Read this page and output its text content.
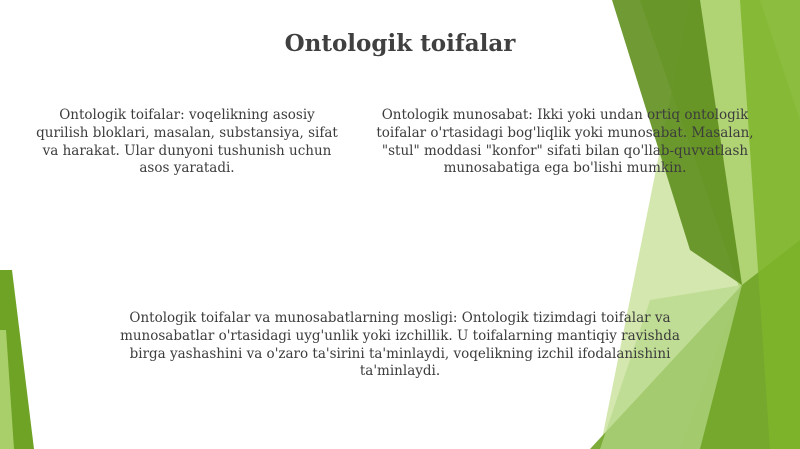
Ontologik toifalar
Ontologik toifalar: voqelikning asosiy qurilish bloklari, masalan, substansiya, sifat va harakat. Ular dunyoni tushunish uchun asos yaratadi.
Ontologik munosabat: Ikki yoki undan ortiq ontologik toifalar o'rtasidagi bog'liqlik yoki munosabat. Masalan, "stul" moddasi "konfor" sifati bilan qo'llab-quvvatlash munosabatiga ega bo'lishi mumkin.
Ontologik toifalar va munosabatlarning mosligi: Ontologik tizimdagi toifalar va munosabatlar o'rtasidagi uyg'unlik yoki izchillik. U toifalarning mantiqiy ravishda birga yashashini va o'zaro ta'sirini ta'minlaydi, voqelikning izchil ifodalanishini ta'minlaydi.
